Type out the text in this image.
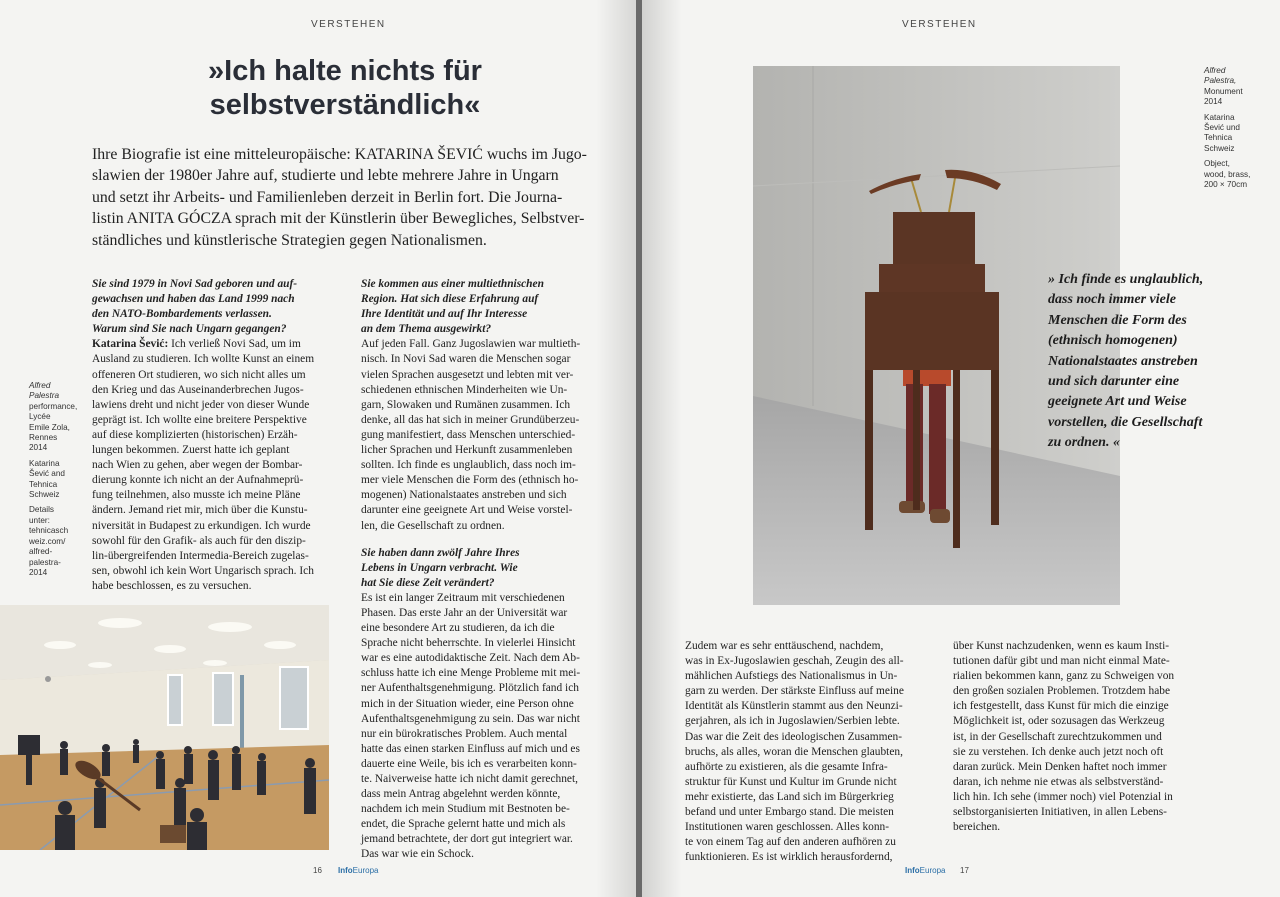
VERSTEHEN
»Ich halte nichts für
selbstverständlich«
Ihre Biografie ist eine mitteleuropäische: KATARINA ŠEVIĆ wuchs im Jugo-
slawien der 1980er Jahre auf, studierte und lebte mehrere Jahre in Ungarn
und setzt ihr Arbeits- und Familienleben derzeit in Berlin fort. Die Journa-
listin ANITA GÓCZA sprach mit der Künstlerin über Bewegliches, Selbstver-
ständliches und künstlerische Strategien gegen Nationalismen.
Alfred
Palestra
performance,
Lycée
Emile Zola,
Rennes
2014
Katarina
Šević and
Tehnica
Schweiz
Details
unter:
tehnicasch
weiz.com/
alfred-
palestra-
2014
Sie sind 1979 in Novi Sad geboren und auf-
gewachsen und haben das Land 1999 nach
den NATO-Bombardements verlassen.
Warum sind Sie nach Ungarn gegangen?
Katarina Šević: Ich verließ Novi Sad, um im
Ausland zu studieren. Ich wollte Kunst an einem
offeneren Ort studieren, wo sich nicht alles um
den Krieg und das Auseinanderbrechen Jugos-
lawiens dreht und nicht jeder von dieser Wunde
geprägt ist. Ich wollte eine breitere Perspektive
auf diese komplizierten (historischen) Erzäh-
lungen bekommen. Zuerst hatte ich geplant
nach Wien zu gehen, aber wegen der Bombar-
dierung konnte ich nicht an der Aufnahmeprü-
fung teilnehmen, also musste ich meine Pläne
ändern. Jemand riet mir, mich über die Kunstu-
niversität in Budapest zu erkundigen. Ich wurde
sowohl für den Grafik- als auch für den diszip-
lin-übergreifenden Intermedia-Bereich zugelas-
sen, obwohl ich kein Wort Ungarisch sprach. Ich
habe beschlossen, es zu versuchen.
Sie kommen aus einer multiethnischen
Region. Hat sich diese Erfahrung auf
Ihre Identität und auf Ihr Interesse
an dem Thema ausgewirkt?
Auf jeden Fall. Ganz Jugoslawien war multieth-
nisch. In Novi Sad waren die Menschen sogar
vielen Sprachen ausgesetzt und lebten mit ver-
schiedenen ethnischen Minderheiten wie Un-
garn, Slowaken und Rumänen zusammen. Ich
denke, all das hat sich in meiner Grundüberzeu-
gung manifestiert, dass Menschen unterschied-
licher Sprachen und Herkunft zusammenleben
sollten. Ich finde es unglaublich, dass noch im-
mer viele Menschen die Form des (ethnisch ho-
mogenen) Nationalstaates anstreben und sich
darunter eine geeignete Art und Weise vorstel-
len, die Gesellschaft zu ordnen.
Sie haben dann zwölf Jahre Ihres
Lebens in Ungarn verbracht. Wie
hat Sie diese Zeit verändert?
Es ist ein langer Zeitraum mit verschiedenen
Phasen. Das erste Jahr an der Universität war
eine besondere Art zu studieren, da ich die
Sprache nicht beherrschte. In vielerlei Hinsicht
war es eine autodidaktische Zeit. Nach dem Ab-
schluss hatte ich eine Menge Probleme mit mei-
ner Aufenthaltsgenehmigung. Plötzlich fand ich
mich in der Situation wieder, eine Person ohne
Aufenthaltsgenehmigung zu sein. Das war nicht
nur ein bürokratisches Problem. Auch mental
hatte das einen starken Einfluss auf mich und es
dauerte eine Weile, bis ich es verarbeiten konn-
te. Naiverweise hatte ich nicht damit gerechnet,
dass mein Antrag abgelehnt werden könnte,
nachdem ich mein Studium mit Bestnoten be-
endet, die Sprache gelernt hatte und mich als
jemand betrachtete, der dort gut integriert war.
Das war wie ein Schock.
16 InfoEuropa
VERSTEHEN
Alfred
Palestra,
Monument
2014
Katarina
Šević und
Tehnica
Schweiz
Object,
wood, brass,
200 × 70cm
» Ich finde es unglaublich,
dass noch immer viele
Menschen die Form des
(ethnisch homogenen)
Nationalstaates anstreben
und sich darunter eine
geeignete Art und Weise
vorstellen, die Gesellschaft
zu ordnen. «
Zudem war es sehr enttäuschend, nachdem,
was in Ex-Jugoslawien geschah, Zeugin des all-
mählichen Aufstiegs des Nationalismus in Un-
garn zu werden. Der stärkste Einfluss auf meine
Identität als Künstlerin stammt aus den Neunzi-
gerjahren, als ich in Jugoslawien/Serbien lebte.
Das war die Zeit des ideologischen Zusammen-
bruchs, als alles, woran die Menschen glaubten,
aufhörte zu existieren, als die gesamte Infra-
struktur für Kunst und Kultur im Grunde nicht
mehr existierte, das Land sich im Bürgerkrieg
befand und unter Embargo stand. Die meisten
Institutionen waren geschlossen. Alles konn-
te von einem Tag auf den anderen aufhören zu
funktionieren. Es ist wirklich herausfordernd,
über Kunst nachzudenken, wenn es kaum Insti-
tutionen dafür gibt und man nicht einmal Mate-
rialien bekommen kann, ganz zu Schweigen von
den großen sozialen Problemen. Trotzdem habe
ich festgestellt, dass Kunst für mich die einzige
Möglichkeit ist, oder sozusagen das Werkzeug
ist, in der Gesellschaft zurechtzukommen und
sie zu verstehen. Ich denke auch jetzt noch oft
daran zurück. Mein Denken haftet noch immer
daran, ich nehme nie etwas als selbstverständ-
lich hin. Ich sehe (immer noch) viel Potenzial in
selbstorganisierten Initiativen, in allen Lebens-
bereichen.
InfoEuropa 17
